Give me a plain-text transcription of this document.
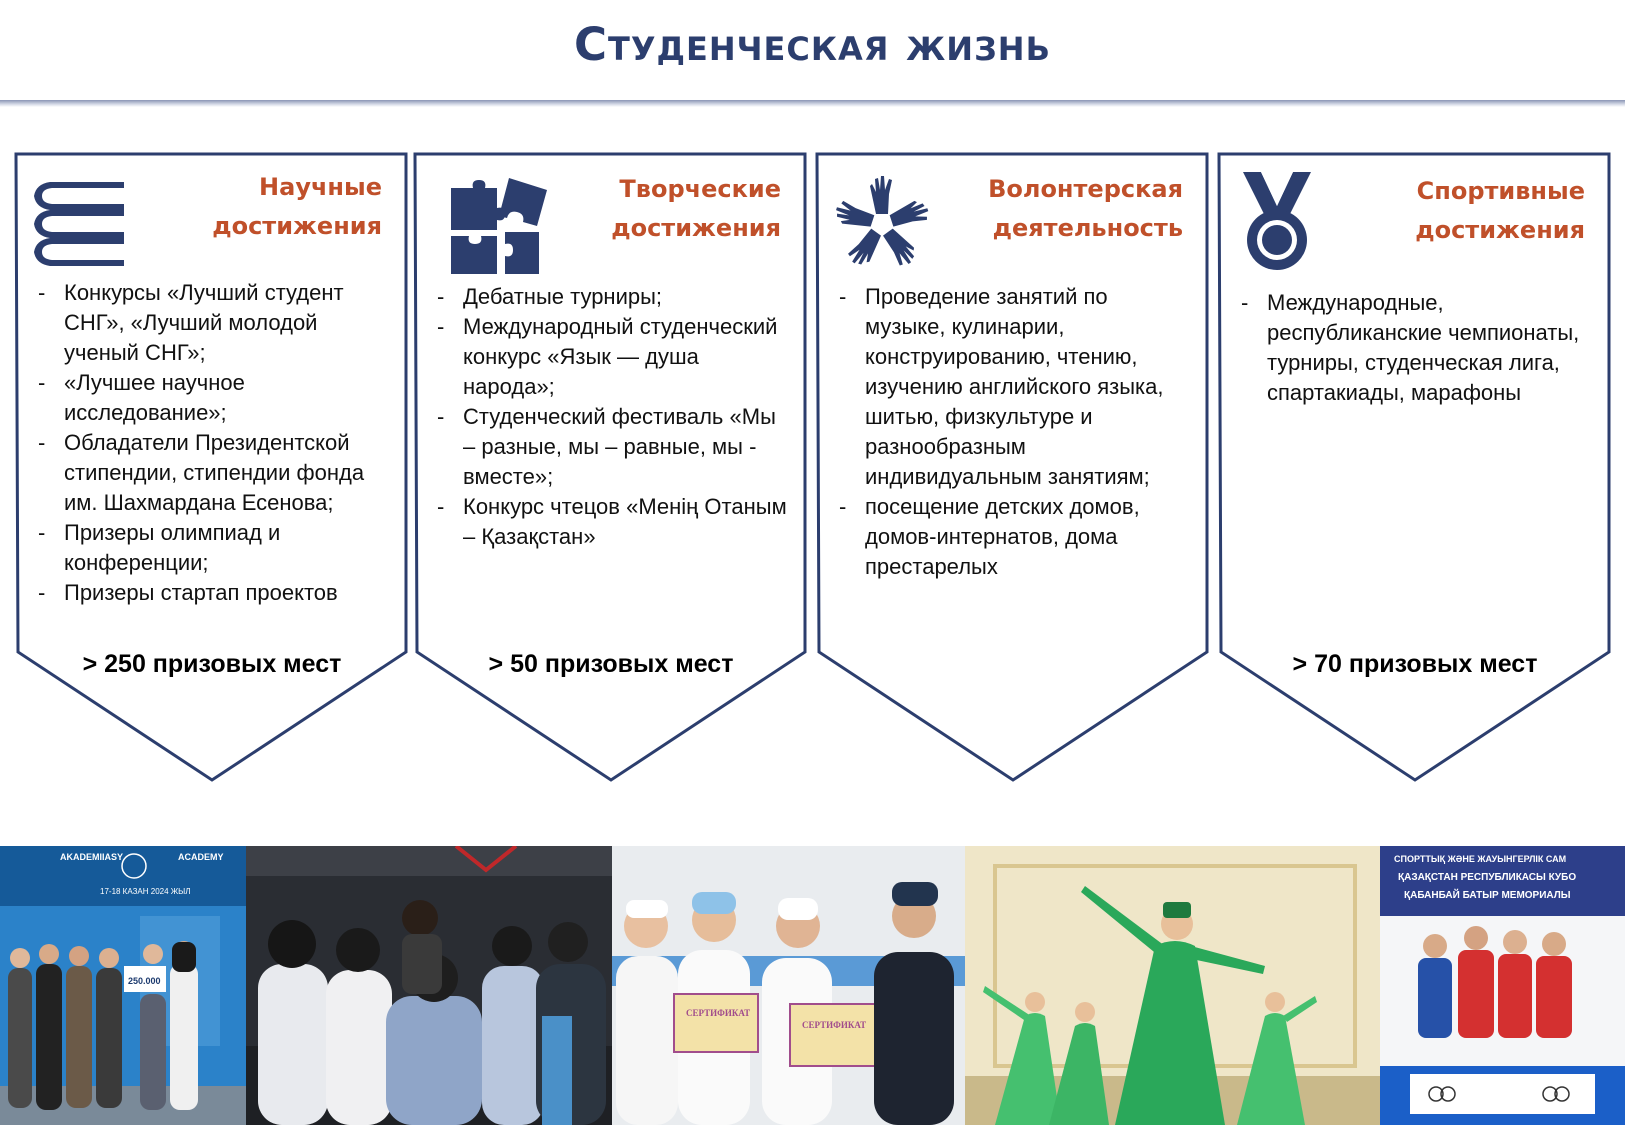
Студенческая жизнь
Научные
достижения
- Конкурсы «Лучший студент СНГ», «Лучший молодой ученый СНГ»;
- «Лучшее научное исследование»;
- Обладатели Президентской стипендии, стипендии фонда им. Шахмардана Есенова;
- Призеры олимпиад и конференции;
- Призеры стартап проектов
> 250 призовых мест
Творческие
достижения
- Дебатные турниры;
- Международный студенческий конкурс «Язык — душа народа»;
- Студенческий фестиваль «Мы – разные, мы – равные, мы - вместе»;
- Конкурс чтецов «Менің Отаным – Қазақстан»
> 50 призовых мест
Волонтерская
деятельность
- Проведение занятий по музыке, кулинарии, конструированию, чтению, изучению английского языка, шитью, физкультуре и разнообразным индивидуальным занятиям;
- посещение детских домов, домов-интернатов, дома престарелых
Спортивные
достижения
- Международные, республиканские чемпионаты, турниры, студенческая лига, спартакиады, марафоны
> 70 призовых мест
AKADEMIIASY	ACADEMY
17-18 КАЗАН 2024 ЖЫЛ
250.000
СЕРТИФИКАТ
СЕРТИФИКАТ
СПОРТТЫҚ ЖӘНЕ ЖАУЫНГЕРЛІК САМ
ҚАЗАҚСТАН РЕСПУБЛИКАСЫ КУБО
ҚАБАНБАЙ БАТЫР МЕМОРИАЛЫ
